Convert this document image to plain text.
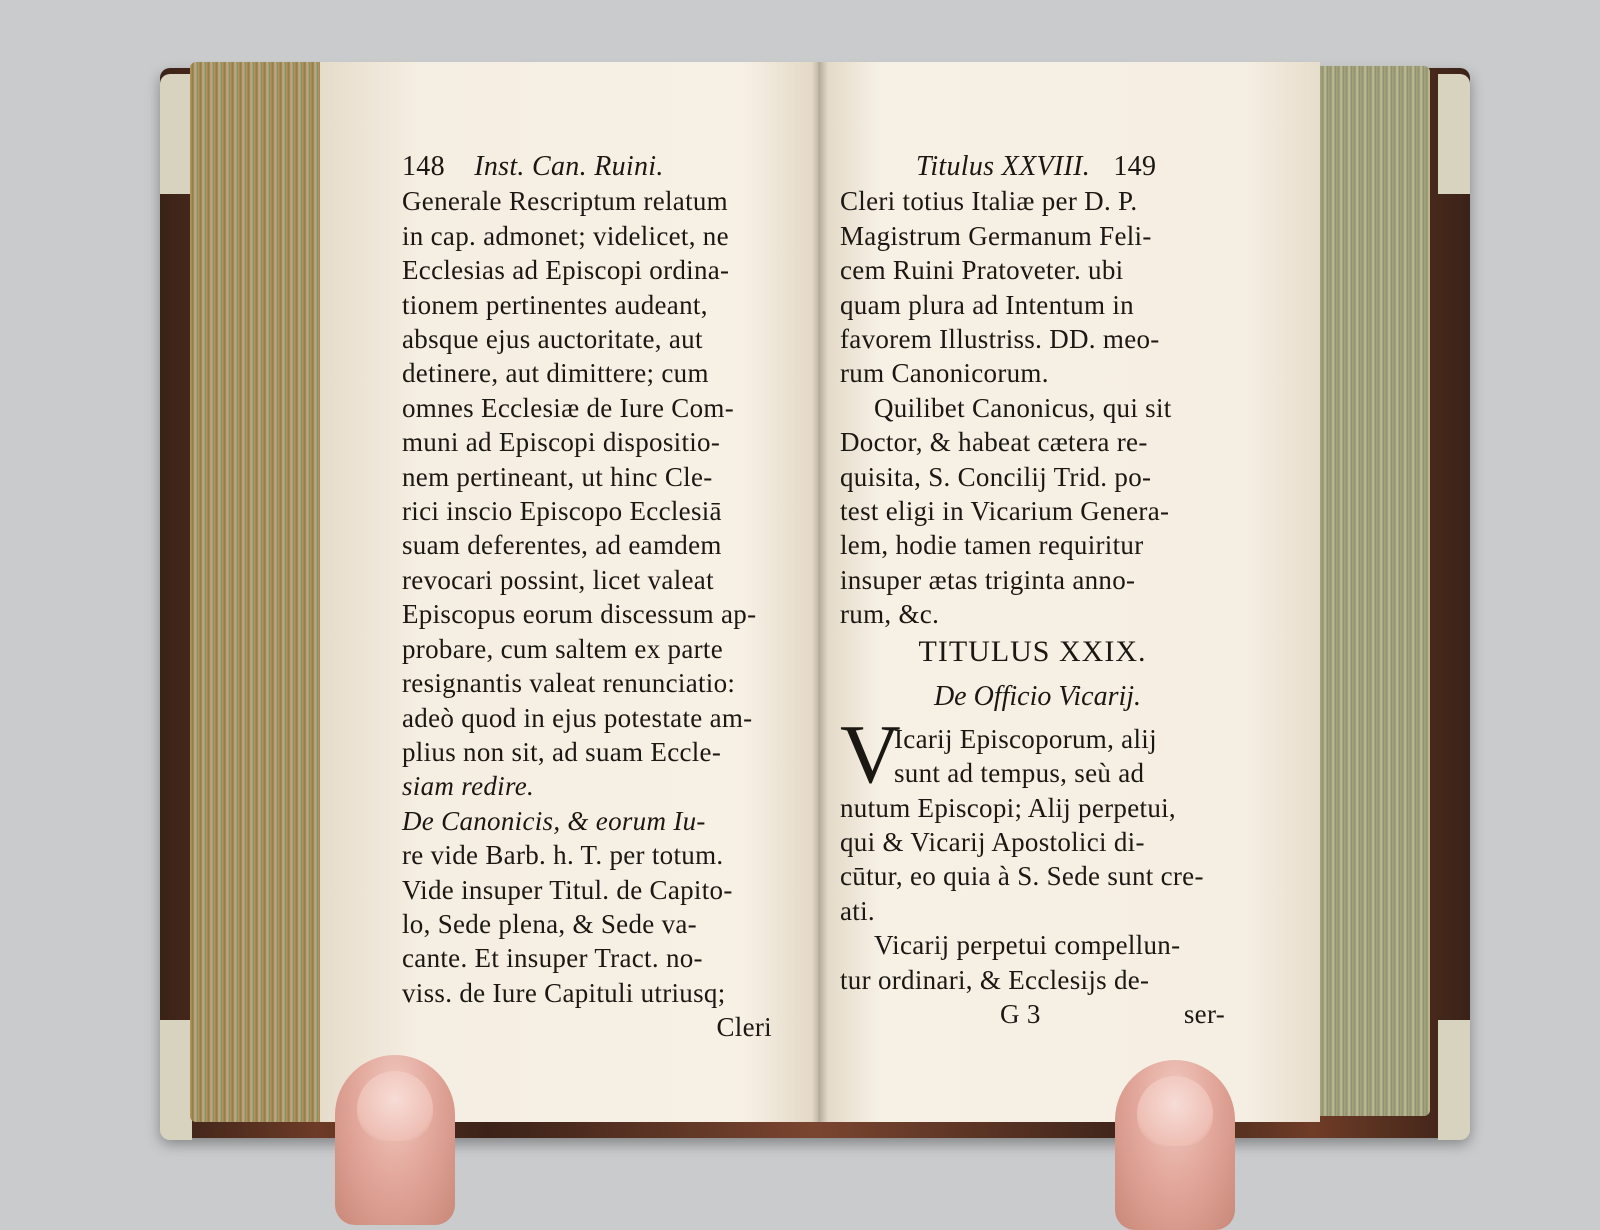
148 Inst. Can. Ruini.
Generale Rescriptum relatum
in cap. admonet; videlicet, ne
Ecclesias ad Episcopi ordina-
tionem pertinentes audeant,
absque ejus auctoritate, aut
detinere, aut dimittere; cum
omnes Ecclesiæ de Iure Com-
muni ad Episcopi dispositio-
nem pertineant, ut hinc Cle-
rici inscio Episcopo Ecclesiā
suam deferentes, ad eamdem
revocari possint, licet valeat
Episcopus eorum discessum ap-
probare, cum saltem ex parte
resignantis valeat renunciatio:
adeò quod in ejus potestate am-
plius non sit, ad suam Eccle-
siam redire.
De Canonicis, & eorum Iu-
re vide Barb. h. T. per totum.
Vide insuper Titul. de Capito-
lo, Sede plena, & Sede va-
cante. Et insuper Tract. no-
viss. de Iure Capituli utriusq;
Cleri
Titulus XXVIII. 149
Cleri totius Italiæ per D. P.
Magistrum Germanum Feli-
cem Ruini Pratoveter. ubi
quam plura ad Intentum in
favorem Illustriss. DD. meo-
rum Canonicorum.
Quilibet Canonicus, qui sit
Doctor, & habeat cætera re-
quisita, S. Concilij Trid. po-
test eligi in Vicarium Genera-
lem, hodie tamen requiritur
insuper ætas triginta anno-
rum, &c.
TITULUS XXIX.
De Officio Vicarij.
V
Icarij Episcoporum, alij
sunt ad tempus, seù ad
nutum Episcopi; Alij perpetui,
qui & Vicarij Apostolici di-
cūtur, eo quia à S. Sede sunt cre-
ati.
Vicarij perpetui compellun-
tur ordinari, & Ecclesijs de-
G 3	ser-
